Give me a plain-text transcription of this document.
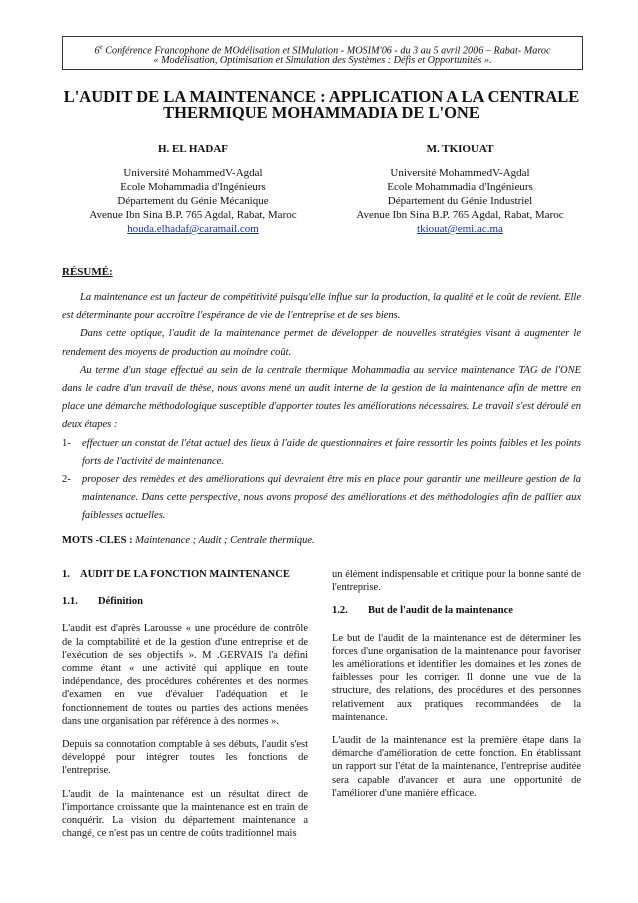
6e Conférence Francophone de MOdélisation et SIMulation - MOSIM'06 - du 3 au 5 avril 2006 – Rabat- Maroc
« Modélisation, Optimisation et Simulation des Systèmes : Défis et Opportunités ».
L'AUDIT DE LA MAINTENANCE : APPLICATION A LA CENTRALE
THERMIQUE MOHAMMADIA DE L'ONE
H. EL HADAF
Université MohammedV-Agdal
Ecole Mohammadia d'Ingénieurs
Département du Génie Mécanique
Avenue Ibn Sina B.P. 765 Agdal, Rabat, Maroc
houda.elhadaf@caramail.com
M. TKIOUAT
Université MohammedV-Agdal
Ecole Mohammadia d'Ingénieurs
Département du Génie Industriel
Avenue Ibn Sina B.P. 765 Agdal, Rabat, Maroc
tkiouat@emi.ac.ma
RÉSUMÉ:

La maintenance est un facteur de compétitivité puisqu'elle influe sur la production, la qualité et le coût de revient. Elle est déterminante pour accroître l'espérance de vie de l'entreprise et de ses biens.

Dans cette optique, l'audit de la maintenance permet de développer de nouvelles stratégies visant à augmenter le rendement des moyens de production au moindre coût.

Au terme d'un stage effectué au sein de la centrale thermique Mohammadia au service maintenance TAG de l'ONE dans le cadre d'un travail de thèse, nous avons mené un audit interne de la gestion de la maintenance afin de mettre en place une démarche méthodologique susceptible d'apporter toutes les améliorations nécessaires. Le travail s'est déroulé en deux étapes :

1-	effectuer un constat de l'état actuel des lieux à l'aide de questionnaires et faire ressortir les points faibles et les points forts de l'activité de maintenance.
2-	proposer des remèdes et des améliorations qui devraient être mis en place pour garantir une meilleure gestion de la maintenance. Dans cette perspective, nous avons proposé des améliorations et des méthodologies afin de pallier aux faiblesses actuelles.
MOTS -CLES : Maintenance ; Audit ; Centrale thermique.
1. AUDIT DE LA FONCTION MAINTENANCE
1.1.	Définition

L'audit est d'après Larousse « une procédure de contrôle de la comptabilité et de la gestion d'une entreprise et de l'exécution de ses objectifs ». M .GERVAIS l'a défini comme étant « une activité qui applique en toute indépendance, des procédures cohérentes et des normes d'examen en vue d'évaluer l'adéquation et le fonctionnement de toutes ou parties des actions menées dans une organisation par référence à des normes ».

Depuis sa connotation comptable à ses débuts, l'audit s'est développé pour intégrer toutes les fonctions de l'entreprise.

L'audit de la maintenance est un résultat direct de l'importance croissante que la maintenance est en train de conquérir. La vision du département maintenance a changé, ce n'est pas un centre de coûts traditionnel mais

un élément indispensable et critique pour la bonne santé de l'entreprise.

1.2.	But de l'audit de la maintenance

Le but de l'audit de la maintenance est de déterminer les forces d'une organisation de la maintenance pour favoriser les améliorations et identifier les domaines et les zones de faiblesses pour les corriger. Il donne une vue de la structure, des relations, des procédures et des personnes relativement aux pratiques recommandées de la maintenance.

L'audit de la maintenance est la première étape dans la démarche d'amélioration de cette fonction. En établissant un rapport sur l'état de la maintenance, l'entreprise auditée sera capable d'avancer et aura une opportunité de l'améliorer d'une manière efficace.
